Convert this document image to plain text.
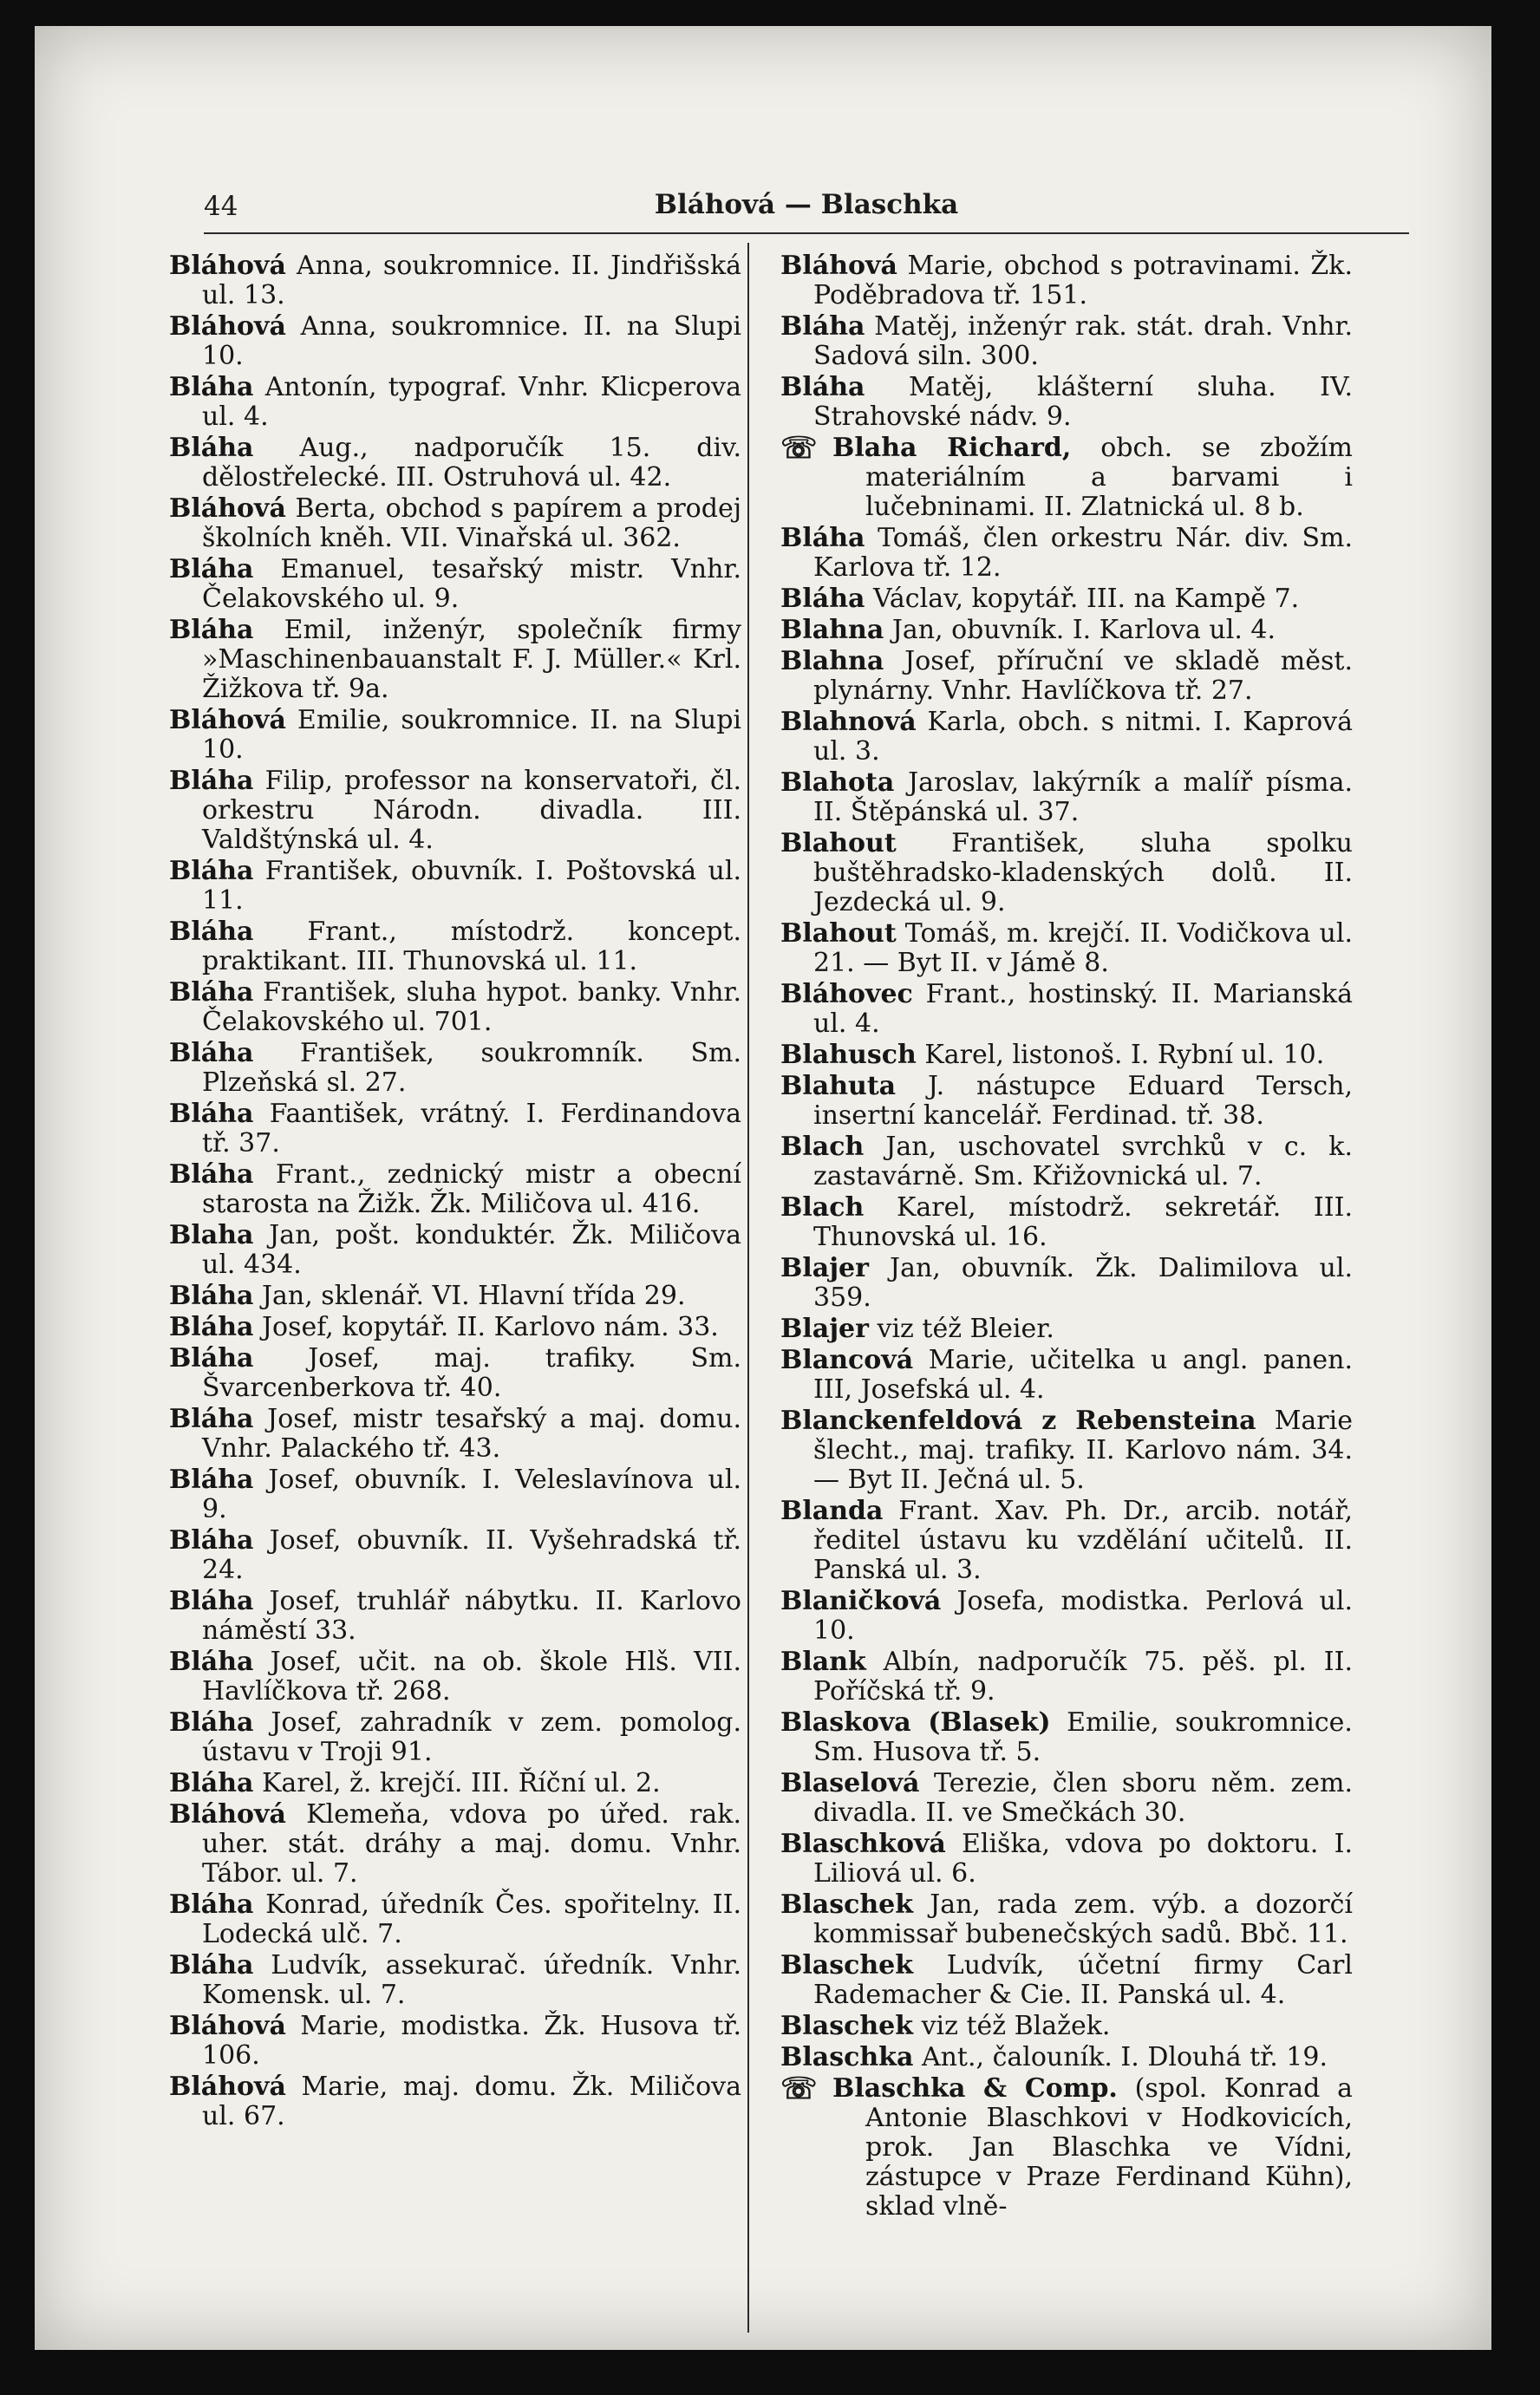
44	Bláhová — Blaschka
Bláhová Anna, soukromnice. II. Jindřišská ul. 13.
Bláhová Anna, soukromnice. II. na Slupi 10.
Bláha Antonín, typograf. Vnhr. Klicperova ul. 4.
Bláha Aug., nadporučík 15. div. dělostřelecké. III. Ostruhová ul. 42.
Bláhová Berta, obchod s papírem a prodej školních kněh. VII. Vinařská ul. 362.
Bláha Emanuel, tesařský mistr. Vnhr. Čelakovského ul. 9.
Bláha Emil, inženýr, společník firmy »Maschinenbauanstalt F. J. Müller.« Krl. Žižkova tř. 9a.
Bláhová Emilie, soukromnice. II. na Slupi 10.
Bláha Filip, professor na konservatoři, čl. orkestru Národn. divadla. III. Valdštýnská ul. 4.
Bláha František, obuvník. I. Poštovská ul. 11.
Bláha Frant., místodrž. koncept. praktikant. III. Thunovská ul. 11.
Bláha František, sluha hypot. banky. Vnhr. Čelakovského ul. 701.
Bláha František, soukromník. Sm. Plzeňská sl. 27.
Bláha Faantišek, vrátný. I. Ferdinandova tř. 37.
Bláha Frant., zednický mistr a obecní starosta na Žižk. Žk. Miličova ul. 416.
Blaha Jan, pošt. konduktér. Žk. Miličova ul. 434.
Bláha Jan, sklenář. VI. Hlavní třída 29.
Bláha Josef, kopytář. II. Karlovo nám. 33.
Bláha Josef, maj. trafiky. Sm. Švarcenberkova tř. 40.
Bláha Josef, mistr tesařský a maj. domu. Vnhr. Palackého tř. 43.
Bláha Josef, obuvník. I. Veleslavínova ul. 9.
Bláha Josef, obuvník. II. Vyšehradská tř. 24.
Bláha Josef, truhlář nábytku. II. Karlovo náměstí 33.
Bláha Josef, učit. na ob. škole Hlš. VII. Havlíčkova tř. 268.
Bláha Josef, zahradník v zem. pomolog. ústavu v Troji 91.
Bláha Karel, ž. krejčí. III. Říční ul. 2.
Bláhová Klemeňa, vdova po úřed. rak. uher. stát. dráhy a maj. domu. Vnhr. Tábor. ul. 7.
Bláha Konrad, úředník Čes. spořitelny. II. Lodecká ulč. 7.
Bláha Ludvík, assekurač. úředník. Vnhr. Komensk. ul. 7.
Bláhová Marie, modistka. Žk. Husova tř. 106.
Bláhová Marie, maj. domu. Žk. Miličova ul. 67.
Bláhová Marie, obchod s potravinami. Žk. Poděbradova tř. 151.
Bláha Matěj, inženýr rak. stát. drah. Vnhr. Sadová siln. 300.
Bláha Matěj, klášterní sluha. IV. Strahovské nádv. 9.
☏ Blaha Richard, obch. se zbožím materiálním a barvami i lučebninami. II. Zlatnická ul. 8 b.
Bláha Tomáš, člen orkestru Nár. div. Sm. Karlova tř. 12.
Bláha Václav, kopytář. III. na Kampě 7.
Blahna Jan, obuvník. I. Karlova ul. 4.
Blahna Josef, příruční ve skladě měst. plynárny. Vnhr. Havlíčkova tř. 27.
Blahnová Karla, obch. s nitmi. I. Kaprová ul. 3.
Blahota Jaroslav, lakýrník a malíř písma. II. Štěpánská ul. 37.
Blahout František, sluha spolku buštěhradsko-kladenských dolů. II. Jezdecká ul. 9.
Blahout Tomáš, m. krejčí. II. Vodičkova ul. 21. — Byt II. v Jámě 8.
Bláhovec Frant., hostinský. II. Marianská ul. 4.
Blahusch Karel, listonoš. I. Rybní ul. 10.
Blahuta J. nástupce Eduard Tersch, insertní kancelář. Ferdinad. tř. 38.
Blach Jan, uschovatel svrchků v c. k. zastavárně. Sm. Křižovnická ul. 7.
Blach Karel, místodrž. sekretář. III. Thunovská ul. 16.
Blajer Jan, obuvník. Žk. Dalimilova ul. 359.
Blajer viz též Bleier.
Blancová Marie, učitelka u angl. panen. III, Josefská ul. 4.
Blanckenfeldová z Rebensteina Marie šlecht., maj. trafiky. II. Karlovo nám. 34. — Byt II. Ječná ul. 5.
Blanda Frant. Xav. Ph. Dr., arcib. notář, ředitel ústavu ku vzdělání učitelů. II. Panská ul. 3.
Blaničková Josefa, modistka. Perlová ul. 10.
Blank Albín, nadporučík 75. pěš. pl. II. Poříčská tř. 9.
Blaskova (Blasek) Emilie, soukromnice. Sm. Husova tř. 5.
Blaselová Terezie, člen sboru něm. zem. divadla. II. ve Smečkách 30.
Blaschková Eliška, vdova po doktoru. I. Liliová ul. 6.
Blaschek Jan, rada zem. výb. a dozorčí kommissař bubenečských sadů. Bbč. 11.
Blaschek Ludvík, účetní firmy Carl Rademacher & Cie. II. Panská ul. 4.
Blaschek viz též Blažek.
Blaschka Ant., čalouník. I. Dlouhá tř. 19.
☏ Blaschka & Comp. (spol. Konrad a Antonie Blaschkovi v Hodkovicích, prok. Jan Blaschka ve Vídni, zástupce v Praze Ferdinand Kühn), sklad vlně-
